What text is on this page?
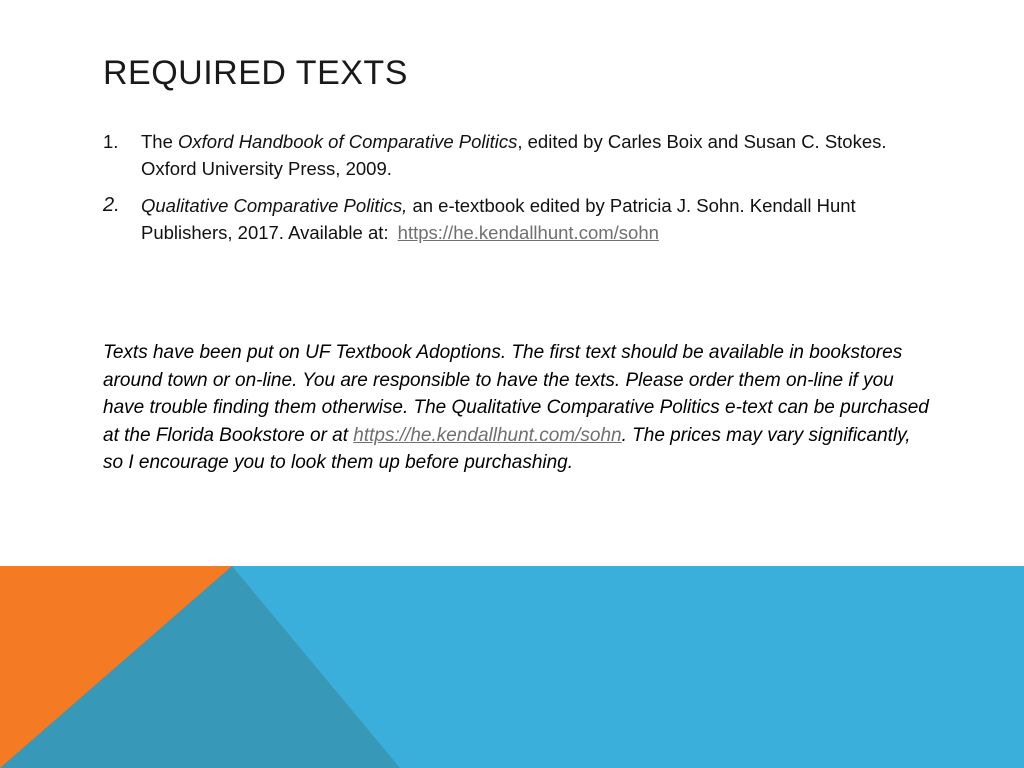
REQUIRED TEXTS
1. The Oxford Handbook of Comparative Politics, edited by Carles Boix and Susan C. Stokes. Oxford University Press, 2009.
2. Qualitative Comparative Politics, an e-textbook edited by Patricia J. Sohn. Kendall Hunt Publishers, 2017. Available at: https://he.kendallhunt.com/sohn

Texts have been put on UF Textbook Adoptions. The first text should be available in bookstores around town or on-line. You are responsible to have the texts. Please order them on-line if you have trouble finding them otherwise. The Qualitative Comparative Politics e-text can be purchased at the Florida Bookstore or at https://he.kendallhunt.com/sohn. The prices may vary significantly, so I encourage you to look them up before purchashing.
